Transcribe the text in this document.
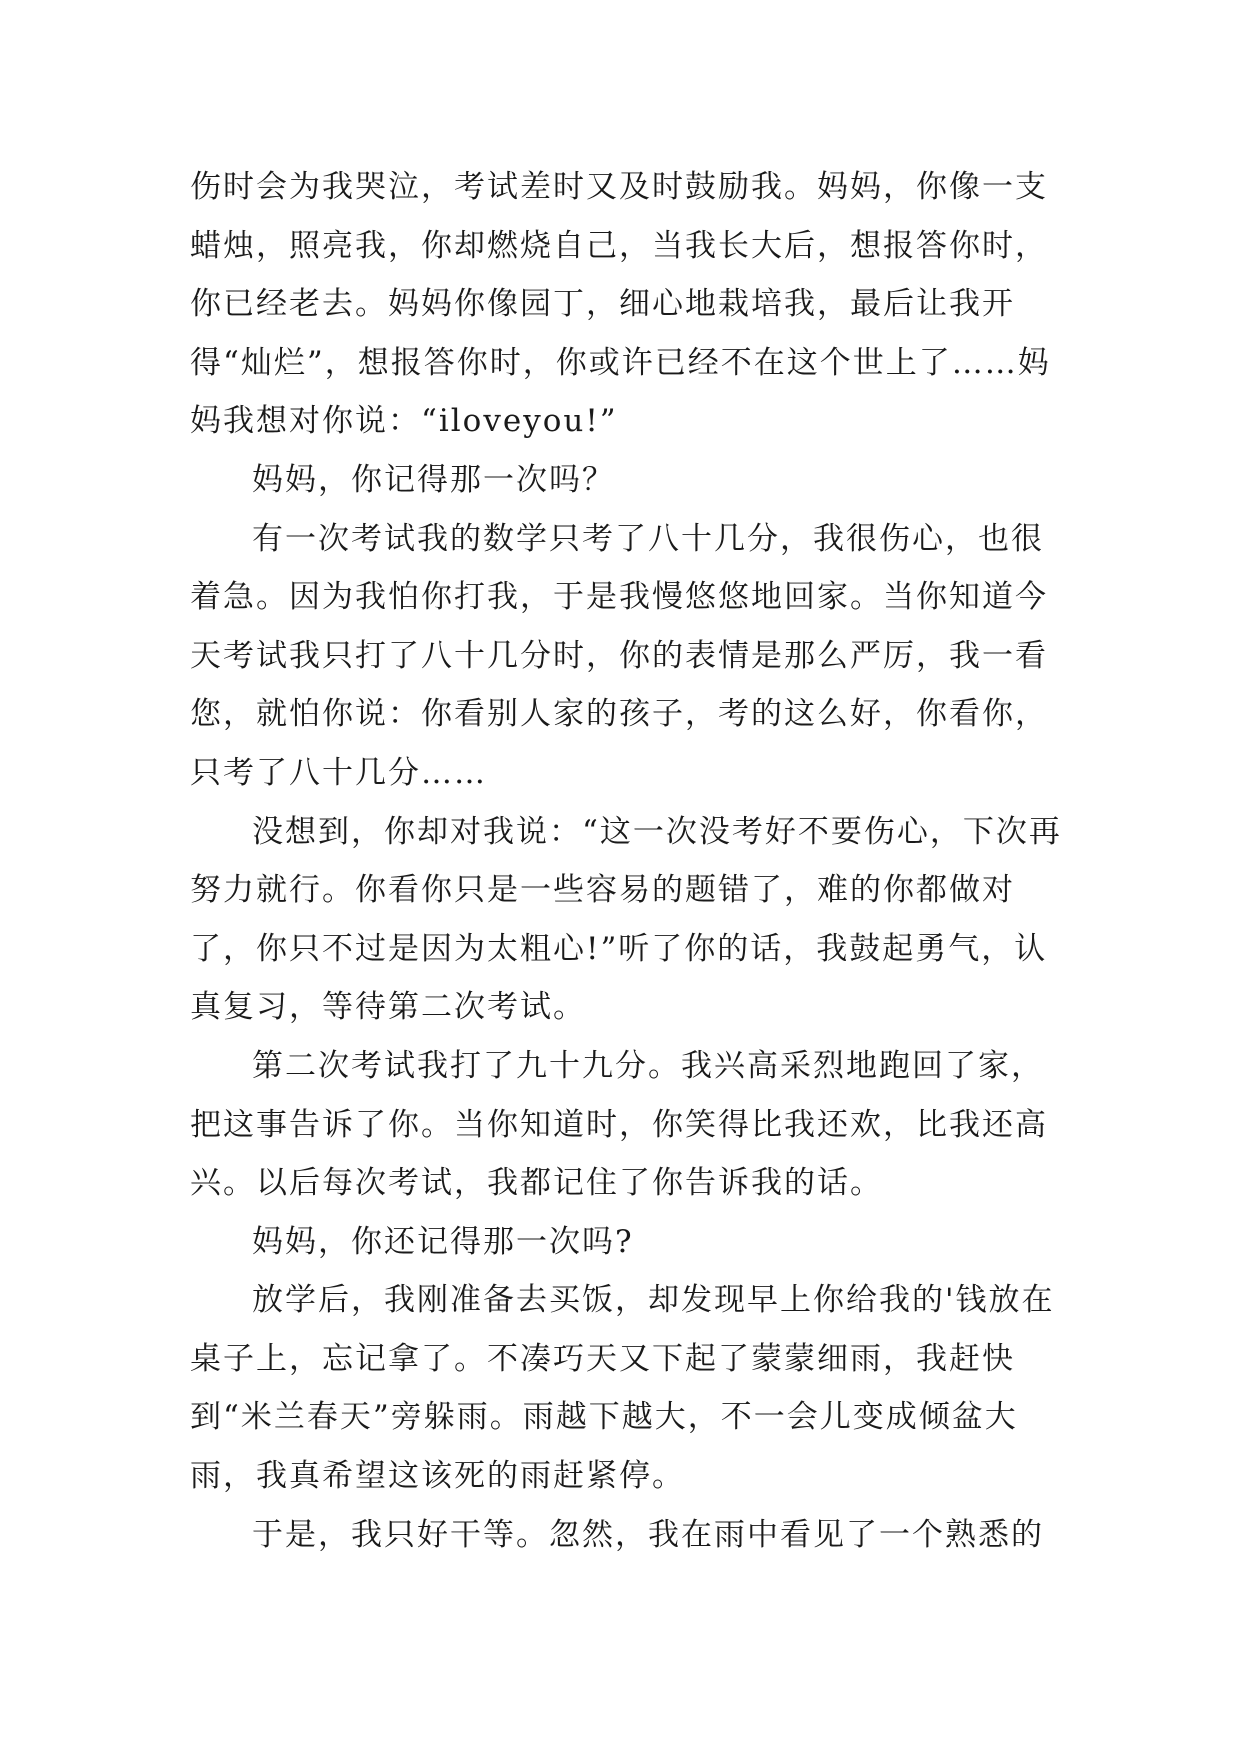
伤时会为我哭泣，考试差时又及时鼓励我。妈妈，你像一支蜡烛，照亮我，你却燃烧自己，当我长大后，想报答你时，你已经老去。妈妈你像园丁，细心地栽培我，最后让我开得“灿烂”，想报答你时，你或许已经不在这个世上了……妈妈我想对你说：“iloveyou!”

妈妈，你记得那一次吗？

有一次考试我的数学只考了八十几分，我很伤心，也很着急。因为我怕你打我，于是我慢悠悠地回家。当你知道今天考试我只打了八十几分时，你的表情是那么严厉，我一看您，就怕你说：你看别人家的孩子，考的这么好，你看你，只考了八十几分……

没想到，你却对我说：“这一次没考好不要伤心，下次再努力就行。你看你只是一些容易的题错了，难的你都做对了，你只不过是因为太粗心!”听了你的话，我鼓起勇气，认真复习，等待第二次考试。

第二次考试我打了九十九分。我兴高采烈地跑回了家，把这事告诉了你。当你知道时，你笑得比我还欢，比我还高兴。以后每次考试，我都记住了你告诉我的话。

妈妈，你还记得那一次吗?

放学后，我刚准备去买饭，却发现早上你给我的'钱放在桌子上，忘记拿了。不凑巧天又下起了蒙蒙细雨，我赶快到“米兰春天”旁躲雨。雨越下越大，不一会儿变成倾盆大雨，我真希望这该死的雨赶紧停。

于是，我只好干等。忽然，我在雨中看见了一个熟悉的
